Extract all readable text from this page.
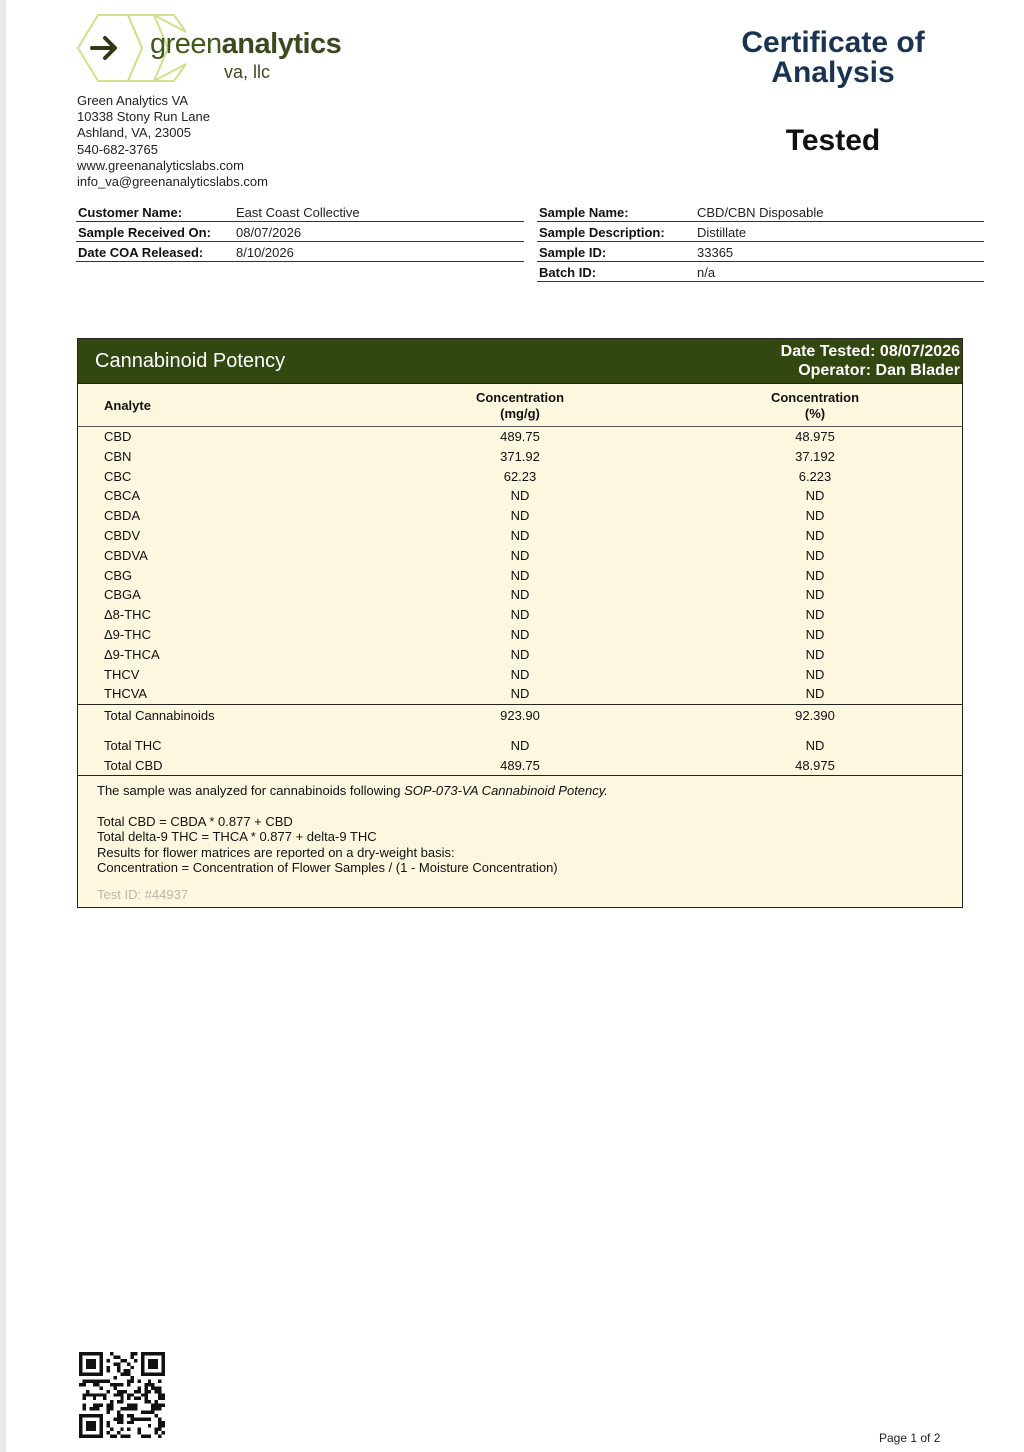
greenanalytics
va, llc
Green Analytics VA
10338 Stony Run Lane
Ashland, VA, 23005
540-682-3765
www.greenanalyticslabs.com
info_va@greenanalyticslabs.com
Certificate of
Analysis
Tested
Customer Name:	East Coast Collective
Sample Received On: 08/07/2026
Date COA Released:	8/10/2026
Sample Name:	CBD/CBN Disposable
Sample Description: Distillate
Sample ID:	33365
Batch ID:	n/a
Cannabinoid Potency	Date Tested: 08/07/2026
Operator: Dan Blader
Analyte
Concentration
(mg/g)
Concentration
(%)
CBD	489.75	48.975
CBN	371.92	37.192
CBC	62.23	6.223
CBCA	ND	ND
CBDA	ND	ND
CBDV	ND	ND
CBDVA	ND	ND
CBG	ND	ND
CBGA	ND	ND
Δ8-THC	ND	ND
Δ9-THC	ND	ND
Δ9-THCA	ND	ND
THCV	ND	ND
THCVA	ND	ND
Total Cannabinoids	923.90	92.390
Total THC	ND	ND
Total CBD	489.75	48.975
The sample was analyzed for cannabinoids following SOP-073-VA Cannabinoid Potency.
Total CBD = CBDA * 0.877 + CBD
Total delta-9 THC = THCA * 0.877 + delta-9 THC
Results for flower matrices are reported on a dry-weight basis:
Concentration = Concentration of Flower Samples / (1 - Moisture Concentration)
Test ID: #44937
Page 1 of 2
